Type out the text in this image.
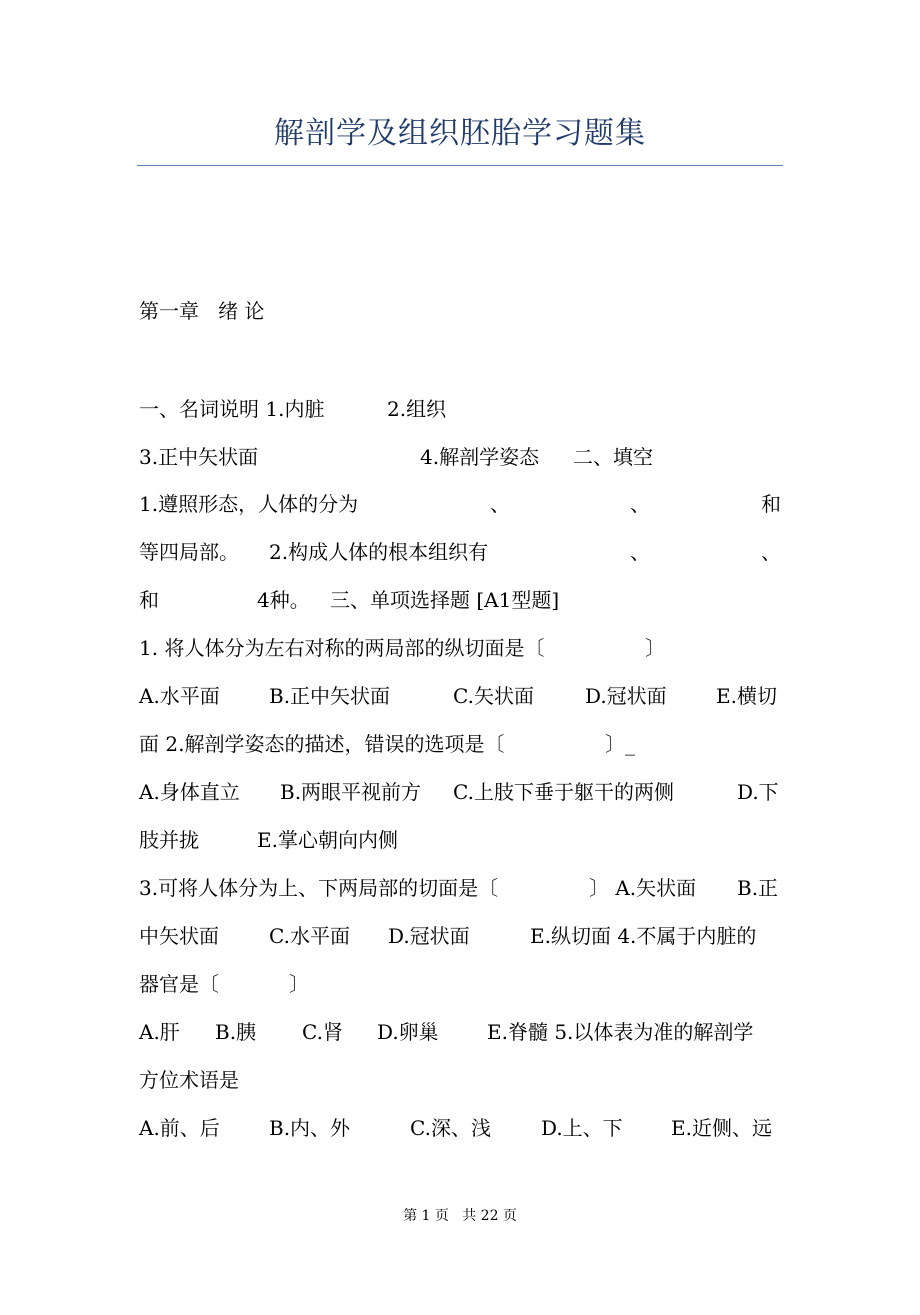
解剖学及组织胚胎学习题集
第一章   绪 论

一、名词说明 1.内脏

	2.组织

3.正中矢状面

	4.解剖学姿态

二、填空

1.遵照形态，人体的分为

	、

	、

	和

等四局部。

2.构成人体的根本组织有

	、

	、

和

	4种。

三、单项选择题 [A1型题]

1. 将人体分为左右对称的两局部的纵切面是〔

	〕

A.水平面

B.正中矢状面

	C.矢状面

	D.冠状面

E.横切

面 2.解剖学姿态的描述，错误的选项是〔

	〕_

A.身体直立

B.两眼平视前方

C.上肢下垂于躯干的两侧

	D.下

肢并拢

	E.掌心朝向内侧

3.可将人体分为上、下两局部的切面是〔

	〕 A.矢状面

B.正

中矢状面

	C.水平面

D.冠状面

	E.纵切面 4.不属于内脏的

器官是〔

	〕

A.肝

B.胰

C.肾

D.卵巢

E.脊髓 5.以体表为准的解剖学

方位术语是

A.前、后

B.内、外

	C.深、浅

	D.上、下

E.近侧、远

第 1 页   共 22 页
